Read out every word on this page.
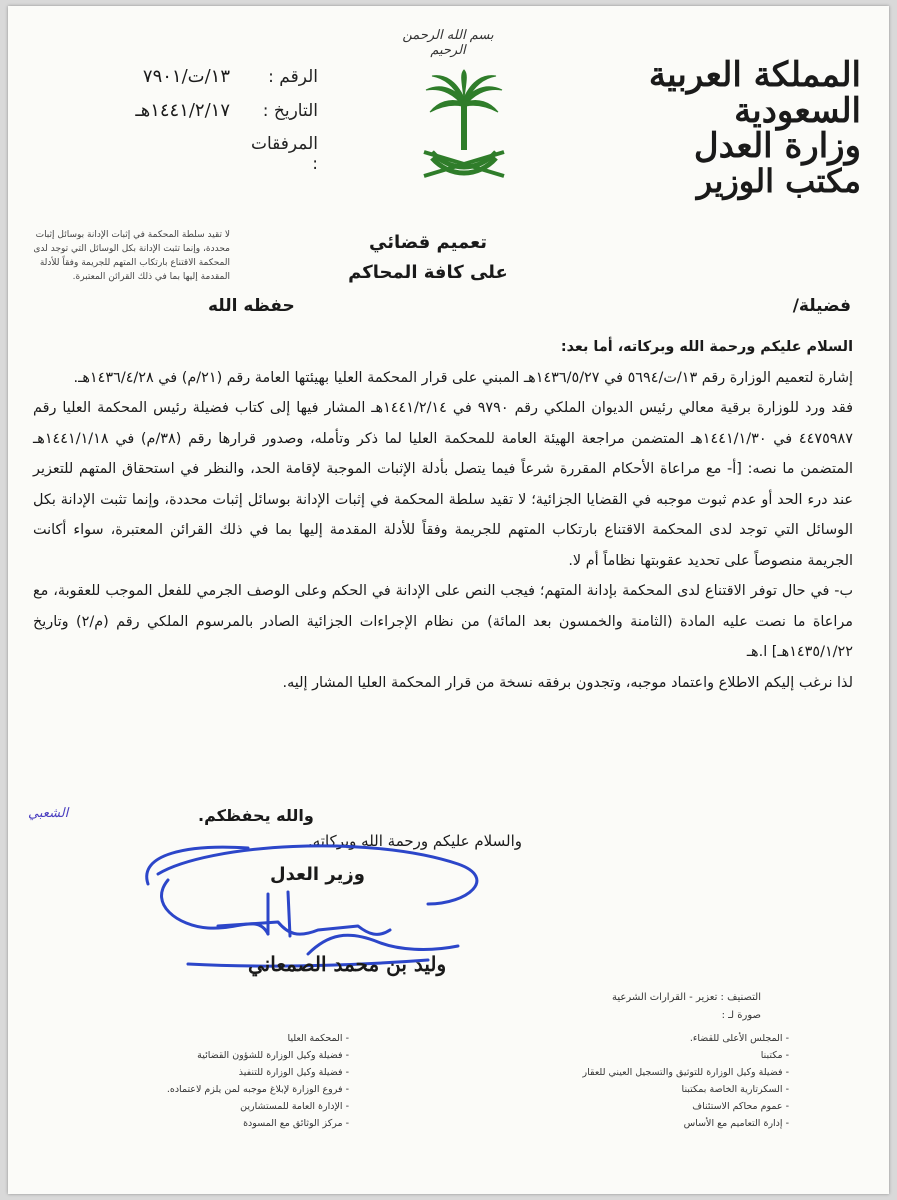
بسم الله الرحمن الرحيم
المملكة العربية السعودية
وزارة العدل
مكتب الوزير
الرقم :
١٣/ت/٧٩٠١
التاريخ :
١٤٤١/٢/١٧هـ
المرفقات :
لا تقيد سلطة المحكمة في إثبات الإدانة بوسائل إثبات محددة، وإنما تثبت الإدانة بكل الوسائل التي توجد لدى المحكمة الاقتناع بارتكاب المتهم للجريمة وفقاً للأدلة المقدمة إليها بما في ذلك القرائن المعتبرة.
تعميم قضائي
على كافة المحاكم
فضيلة/
حفظه الله

السلام عليكم ورحمة الله وبركاته، أما بعد:

إشارة لتعميم الوزارة رقم ١٣/ت/٥٦٩٤ في ١٤٣٦/٥/٢٧هـ المبني على قرار المحكمة العليا بهيئتها العامة رقم (٢١/م) في ١٤٣٦/٤/٢٨هـ.

فقد ورد للوزارة برقية معالي رئيس الديوان الملكي رقم ٩٧٩٠ في ١٤٤١/٢/١٤هـ المشار فيها إلى كتاب فضيلة رئيس المحكمة العليا رقم ٤٤٧٥٩٨٧ في ١٤٤١/١/٣٠هـ المتضمن مراجعة الهيئة العامة للمحكمة العليا لما ذكر وتأمله، وصدور قرارها رقم (٣٨/م) في ١٤٤١/١/١٨هـ المتضمن ما نصه: [أ- مع مراعاة الأحكام المقررة شرعاً فيما يتصل بأدلة الإثبات الموجبة لإقامة الحد، والنظر في استحقاق المتهم للتعزير عند درء الحد أو عدم ثبوت موجبه في القضايا الجزائية؛ لا تقيد سلطة المحكمة في إثبات الإدانة بوسائل إثبات محددة، وإنما تثبت الإدانة بكل الوسائل التي توجد لدى المحكمة الاقتناع بارتكاب المتهم للجريمة وفقاً للأدلة المقدمة إليها بما في ذلك القرائن المعتبرة، سواء أكانت الجريمة منصوصاً على تحديد عقوبتها نظاماً أم لا.

ب- في حال توفر الاقتناع لدى المحكمة بإدانة المتهم؛ فيجب النص على الإدانة في الحكم وعلى الوصف الجرمي للفعل الموجب للعقوبة، مع مراعاة ما نصت عليه المادة (الثامنة والخمسون بعد المائة) من نظام الإجراءات الجزائية الصادر بالمرسوم الملكي رقم (م/٢) وتاريخ ١٤٣٥/١/٢٢هـ] ا.هـ

لذا نرغب إليكم الاطلاع واعتماد موجبه، وتجدون برفقه نسخة من قرار المحكمة العليا المشار إليه.

والله يحفظكم.
الشعبي
والسلام عليكم ورحمة الله وبركاته.
وزير العدل
وليد بن محمد الصمعاني
التصنيف : تعزير - القرارات الشرعية
صورة لـ :
- المجلس الأعلى للقضاء.
- مكتبنا
- فضيلة وكيل الوزارة للتوثيق والتسجيل العيني للعقار
- السكرتارية الخاصة بمكتبنا
- عموم محاكم الاستئناف
- إدارة التعاميم مع الأساس
- المحكمة العليا
- فضيلة وكيل الوزارة للشؤون القضائية
- فضيلة وكيل الوزارة للتنفيذ
- فروع الوزارة لإبلاغ موجبه لمن يلزم لاعتماده.
- الإدارة العامة للمستشارين
- مركز الوثائق مع المسودة
